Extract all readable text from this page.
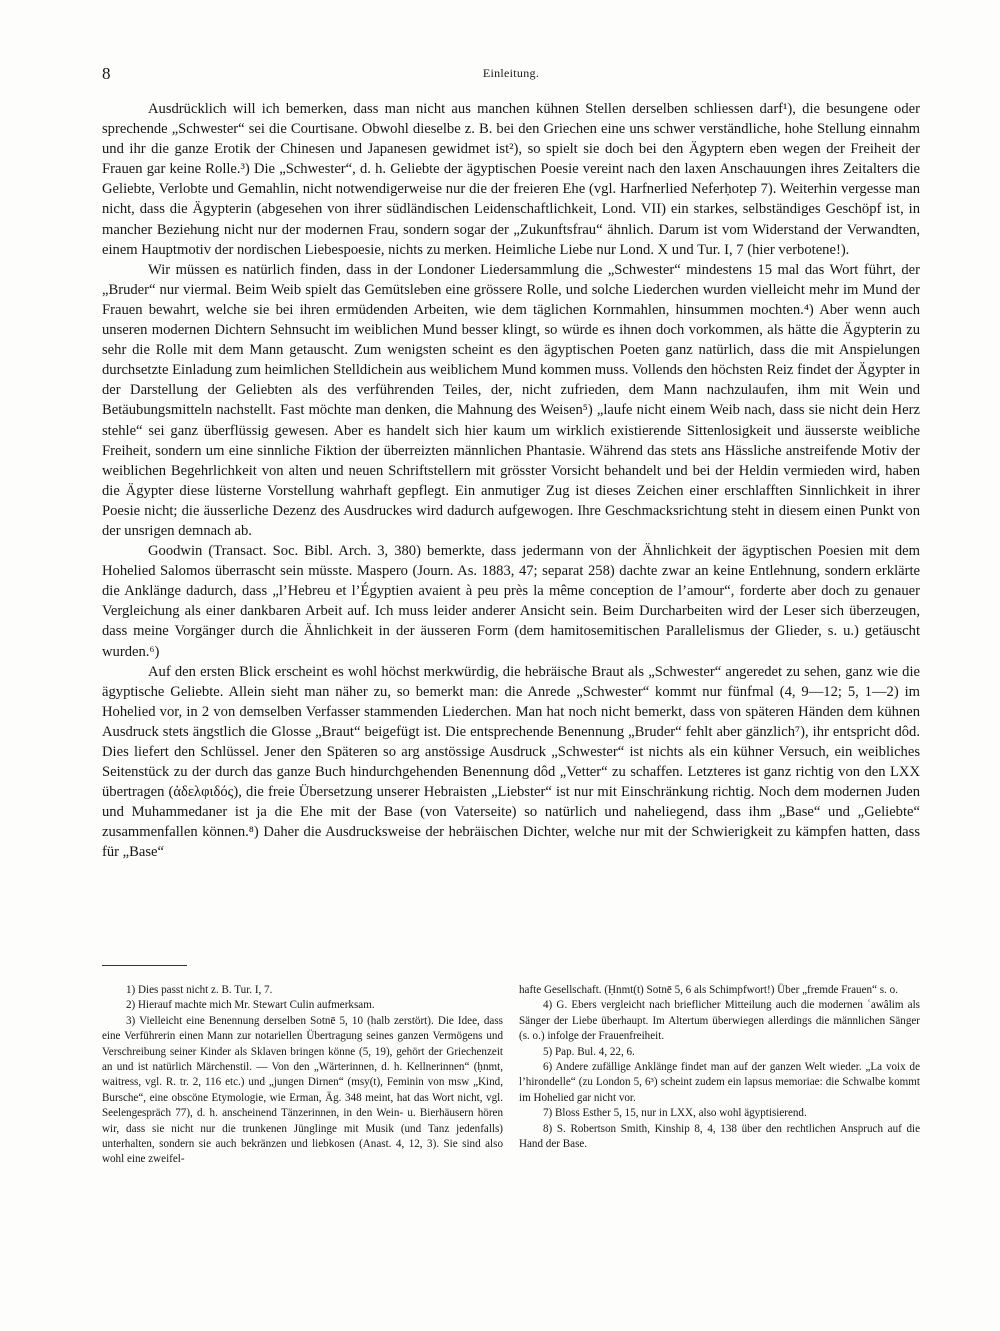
8	Einleitung.

Ausdrücklich will ich bemerken, dass man nicht aus manchen kühnen Stellen derselben schliessen darf¹), die besungene oder sprechende „Schwester“ sei die Courtisane. Obwohl dieselbe z. B. bei den Griechen eine uns schwer verständliche, hohe Stellung einnahm und ihr die ganze Erotik der Chinesen und Japanesen gewidmet ist²), so spielt sie doch bei den Ägyptern eben wegen der Freiheit der Frauen gar keine Rolle.³) Die „Schwester“, d. h. Geliebte der ägyptischen Poesie vereint nach den laxen Anschauungen ihres Zeitalters die Geliebte, Verlobte und Gemahlin, nicht notwendigerweise nur die der freieren Ehe (vgl. Harfnerlied Neferḥotep 7). Weiterhin vergesse man nicht, dass die Ägypterin (abgesehen von ihrer südländischen Leidenschaftlichkeit, Lond. VII) ein starkes, selbständiges Geschöpf ist, in mancher Beziehung nicht nur der modernen Frau, sondern sogar der „Zukunftsfrau“ ähnlich. Darum ist vom Widerstand der Verwandten, einem Hauptmotiv der nordischen Liebespoesie, nichts zu merken. Heimliche Liebe nur Lond. X und Tur. I, 7 (hier verbotene!).

Wir müssen es natürlich finden, dass in der Londoner Liedersammlung die „Schwester“ mindestens 15 mal das Wort führt, der „Bruder“ nur viermal. Beim Weib spielt das Gemütsleben eine grössere Rolle, und solche Liederchen wurden vielleicht mehr im Mund der Frauen bewahrt, welche sie bei ihren ermüdenden Arbeiten, wie dem täglichen Kornmahlen, hinsummen mochten.⁴) Aber wenn auch unseren modernen Dichtern Sehnsucht im weiblichen Mund besser klingt, so würde es ihnen doch vorkommen, als hätte die Ägypterin zu sehr die Rolle mit dem Mann getauscht. Zum wenigsten scheint es den ägyptischen Poeten ganz natürlich, dass die mit Anspielungen durchsetzte Einladung zum heimlichen Stelldichein aus weiblichem Mund kommen muss. Vollends den höchsten Reiz findet der Ägypter in der Darstellung der Geliebten als des verführenden Teiles, der, nicht zufrieden, dem Mann nachzulaufen, ihm mit Wein und Betäubungsmitteln nachstellt. Fast möchte man denken, die Mahnung des Weisen⁵) „laufe nicht einem Weib nach, dass sie nicht dein Herz stehle“ sei ganz überflüssig gewesen. Aber es handelt sich hier kaum um wirklich existierende Sittenlosigkeit und äusserste weibliche Freiheit, sondern um eine sinnliche Fiktion der überreizten männlichen Phantasie. Während das stets ans Hässliche anstreifende Motiv der weiblichen Begehrlichkeit von alten und neuen Schriftstellern mit grösster Vorsicht behandelt und bei der Heldin vermieden wird, haben die Ägypter diese lüsterne Vorstellung wahrhaft gepflegt. Ein anmutiger Zug ist dieses Zeichen einer erschlafften Sinnlichkeit in ihrer Poesie nicht; die äusserliche Dezenz des Ausdruckes wird dadurch aufgewogen. Ihre Geschmacksrichtung steht in diesem einen Punkt von der unsrigen demnach ab.

Goodwin (Transact. Soc. Bibl. Arch. 3, 380) bemerkte, dass jedermann von der Ähnlichkeit der ägyptischen Poesien mit dem Hohelied Salomos überrascht sein müsste. Maspero (Journ. As. 1883, 47; separat 258) dachte zwar an keine Entlehnung, sondern erklärte die Anklänge dadurch, dass „l’Hebreu et l’Égyptien avaient à peu près la même conception de l’amour“, forderte aber doch zu genauer Vergleichung als einer dankbaren Arbeit auf. Ich muss leider anderer Ansicht sein. Beim Durcharbeiten wird der Leser sich überzeugen, dass meine Vorgänger durch die Ähnlichkeit in der äusseren Form (dem hamitosemitischen Parallelismus der Glieder, s. u.) getäuscht wurden.⁶)

Auf den ersten Blick erscheint es wohl höchst merkwürdig, die hebräische Braut als „Schwester“ angeredet zu sehen, ganz wie die ägyptische Geliebte. Allein sieht man näher zu, so bemerkt man: die Anrede „Schwester“ kommt nur fünfmal (4, 9—12; 5, 1—2) im Hohelied vor, in 2 von demselben Verfasser stammenden Liederchen. Man hat noch nicht bemerkt, dass von späteren Händen dem kühnen Ausdruck stets ängstlich die Glosse „Braut“ beigefügt ist. Die entsprechende Benennung „Bruder“ fehlt aber gänzlich⁷), ihr entspricht dôd. Dies liefert den Schlüssel. Jener den Späteren so arg anstössige Ausdruck „Schwester“ ist nichts als ein kühner Versuch, ein weibliches Seitenstück zu der durch das ganze Buch hindurchgehenden Benennung dôd „Vetter“ zu schaffen. Letzteres ist ganz richtig von den LXX übertragen (ἀδελφιδός), die freie Übersetzung unserer Hebraisten „Liebster“ ist nur mit Einschränkung richtig. Noch dem modernen Juden und Muhammedaner ist ja die Ehe mit der Base (von Vaterseite) so natürlich und naheliegend, dass ihm „Base“ und „Geliebte“ zusammenfallen können.⁸) Daher die Ausdrucksweise der hebräischen Dichter, welche nur mit der Schwierigkeit zu kämpfen hatten, dass für „Base“

1) Dies passt nicht z. B. Tur. I, 7.

2) Hierauf machte mich Mr. Stewart Culin aufmerksam.

3) Vielleicht eine Benennung derselben Sotnē 5, 10 (halb zerstört). Die Idee, dass eine Verführerin einen Mann zur notariellen Übertragung seines ganzen Vermögens und Verschreibung seiner Kinder als Sklaven bringen könne (5, 19), gehört der Griechenzeit an und ist natürlich Märchenstil. — Von den „Wärterinnen, d. h. Kellnerinnen“ (ḥnmt, waitress, vgl. R. tr. 2, 116 etc.) und „jungen Dirnen“ (msy(t), Feminin von msw „Kind, Bursche“, eine obscöne Etymologie, wie Erman, Äg. 348 meint, hat das Wort nicht, vgl. Seelengespräch 77), d. h. anscheinend Tänzerinnen, in den Wein- u. Bierhäusern hören wir, dass sie nicht nur die trunkenen Jünglinge mit Musik (und Tanz jedenfalls) unterhalten, sondern sie auch bekränzen und liebkosen (Anast. 4, 12, 3). Sie sind also wohl eine zweifel-

hafte Gesellschaft. (Ḥnmt(t) Sotnē 5, 6 als Schimpfwort!) Über „fremde Frauen“ s. o.

4) G. Ebers vergleicht nach brieflicher Mitteilung auch die modernen ʿawâlim als Sänger der Liebe überhaupt. Im Altertum überwiegen allerdings die männlichen Sänger (s. o.) infolge der Frauenfreiheit.

5) Pap. Bul. 4, 22, 6.

6) Andere zufällige Anklänge findet man auf der ganzen Welt wieder. „La voix de l’hirondelle“ (zu London 5, 6³) scheint zudem ein lapsus memoriae: die Schwalbe kommt im Hohelied gar nicht vor.

7) Bloss Esther 5, 15, nur in LXX, also wohl ägyptisierend.

8) S. Robertson Smith, Kinship 8, 4, 138 über den rechtlichen Anspruch auf die Hand der Base.
